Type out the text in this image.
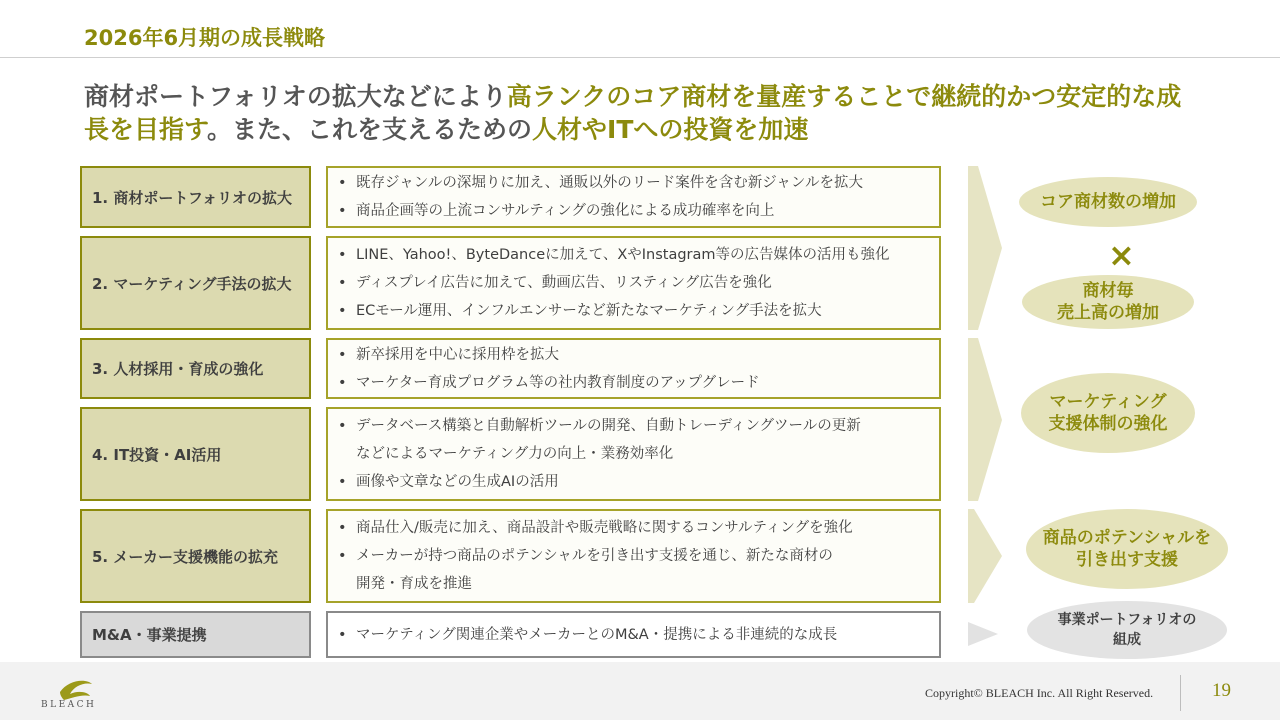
2026年6月期の成長戦略
商材ポートフォリオの拡大などにより高ランクのコア商材を量産することで継続的かつ安定的な成長を目指す。また、これを支えるための人材やITへの投資を加速
1. 商材ポートフォリオの拡大
• 既存ジャンルの深堀りに加え、通販以外のリード案件を含む新ジャンルを拡大
• 商品企画等の上流コンサルティングの強化による成功確率を向上
2. マーケティング手法の拡大
• LINE、Yahoo!、ByteDanceに加えて、XやInstagram等の広告媒体の活用も強化
• ディスプレイ広告に加えて、動画広告、リスティング広告を強化
• ECモール運用、インフルエンサーなど新たなマーケティング手法を拡大
3. 人材採用・育成の強化
• 新卒採用を中心に採用枠を拡大
• マーケター育成プログラム等の社内教育制度のアップグレード
4. IT投資・AI活用
• データベース構築と自動解析ツールの開発、自動トレーディングツールの更新
などによるマーケティング力の向上・業務効率化
• 画像や文章などの生成AIの活用
5. メーカー支援機能の拡充
• 商品仕入/販売に加え、商品設計や販売戦略に関するコンサルティングを強化
• メーカーが持つ商品のポテンシャルを引き出す支援を通じ、新たな商材の
開発・育成を推進
M&A・事業提携	• マーケティング関連企業やメーカーとのM&A・提携による非連続的な成長
コア商材数の増加
×
商材毎
売上高の増加
マーケティング
支援体制の強化
商品のポテンシャルを
引き出す支援
事業ポートフォリオの
組成
BLEACH
Copyright© BLEACH Inc. All Right Reserved.	19
